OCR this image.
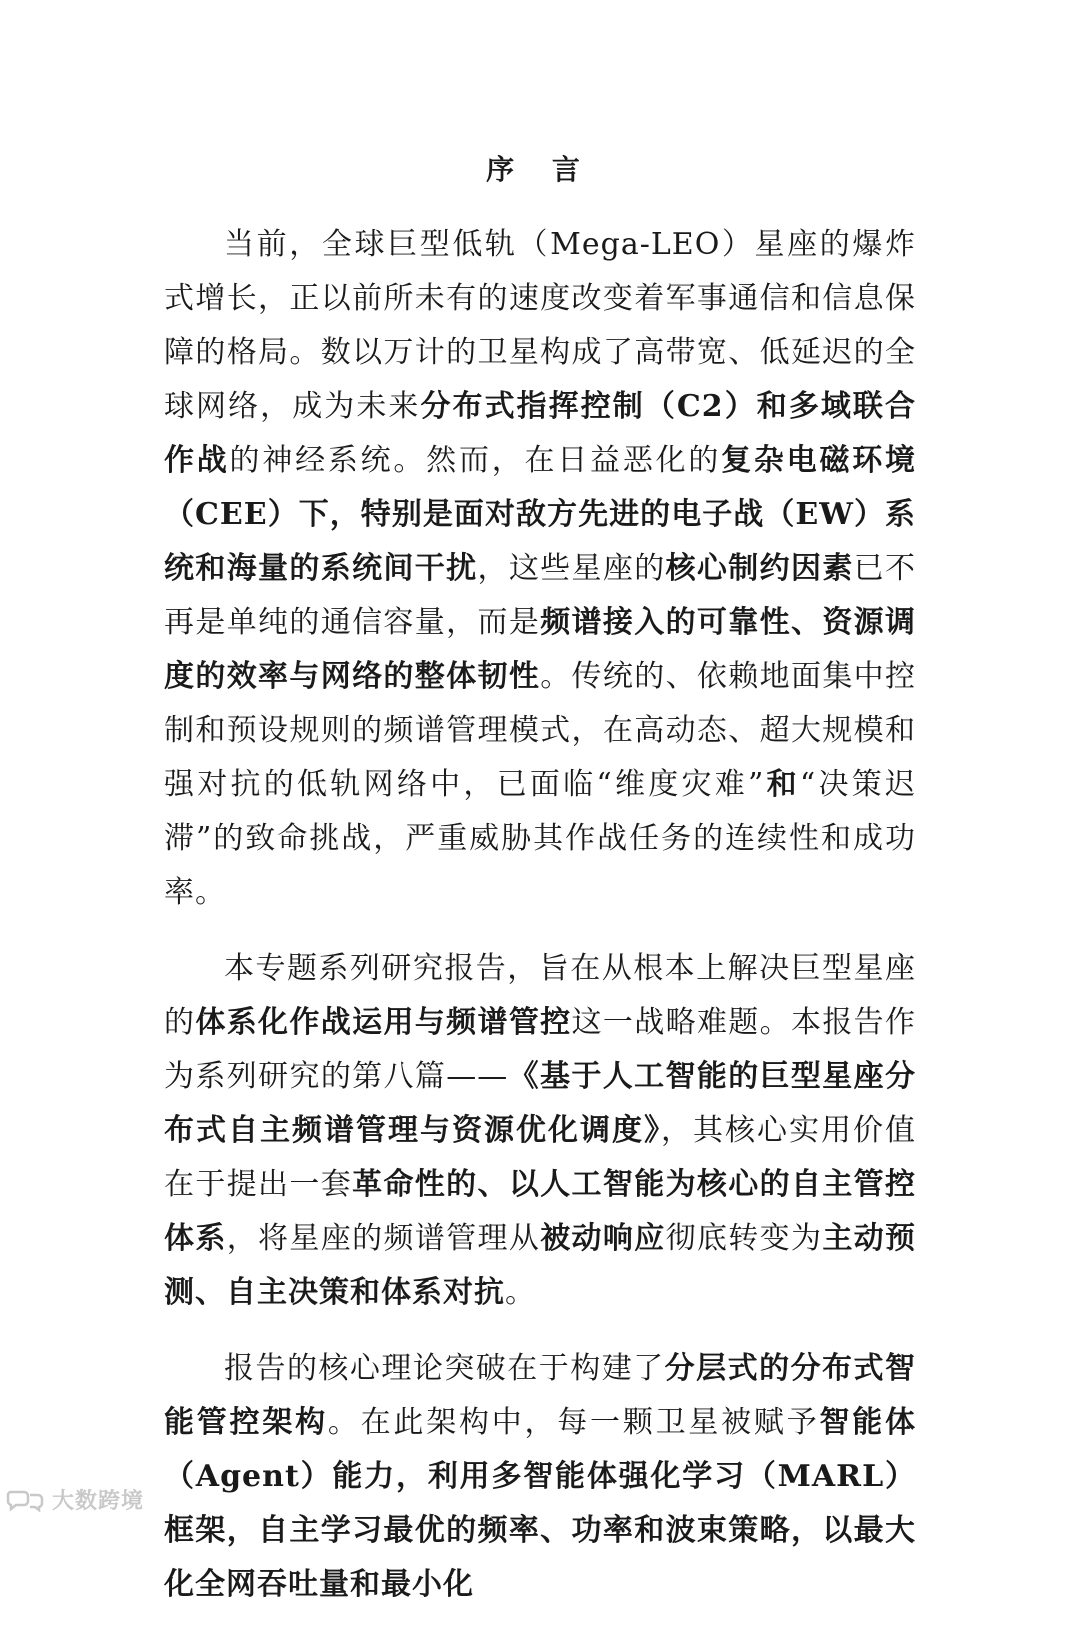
序 言

当前，全球巨型低轨（Mega-LEO）星座的爆炸式增长，正以前所未有的速度改变着军事通信和信息保障的格局。数以万计的卫星构成了高带宽、低延迟的全球网络，成为未来分布式指挥控制（C2）和多域联合作战的神经系统。然而，在日益恶化的复杂电磁环境（CEE）下，特别是面对敌方先进的电子战（EW）系统和海量的系统间干扰，这些星座的核心制约因素已不再是单纯的通信容量，而是频谱接入的可靠性、资源调度的效率与网络的整体韧性。传统的、依赖地面集中控制和预设规则的频谱管理模式，在高动态、超大规模和强对抗的低轨网络中，已面临“维度灾难”和“决策迟滞”的致命挑战，严重威胁其作战任务的连续性和成功率。

本专题系列研究报告，旨在从根本上解决巨型星座的体系化作战运用与频谱管控这一战略难题。本报告作为系列研究的第八篇——《基于人工智能的巨型星座分布式自主频谱管理与资源优化调度》，其核心实用价值在于提出一套革命性的、以人工智能为核心的自主管控体系，将星座的频谱管理从被动响应彻底转变为主动预测、自主决策和体系对抗。

报告的核心理论突破在于构建了分层式的分布式智能管控架构。在此架构中，每一颗卫星被赋予智能体（Agent）能力，利用多智能体强化学习（MARL）框架，自主学习最优的频率、功率和波束策略，以最大化全网吞吐量和最小化

大数跨境
